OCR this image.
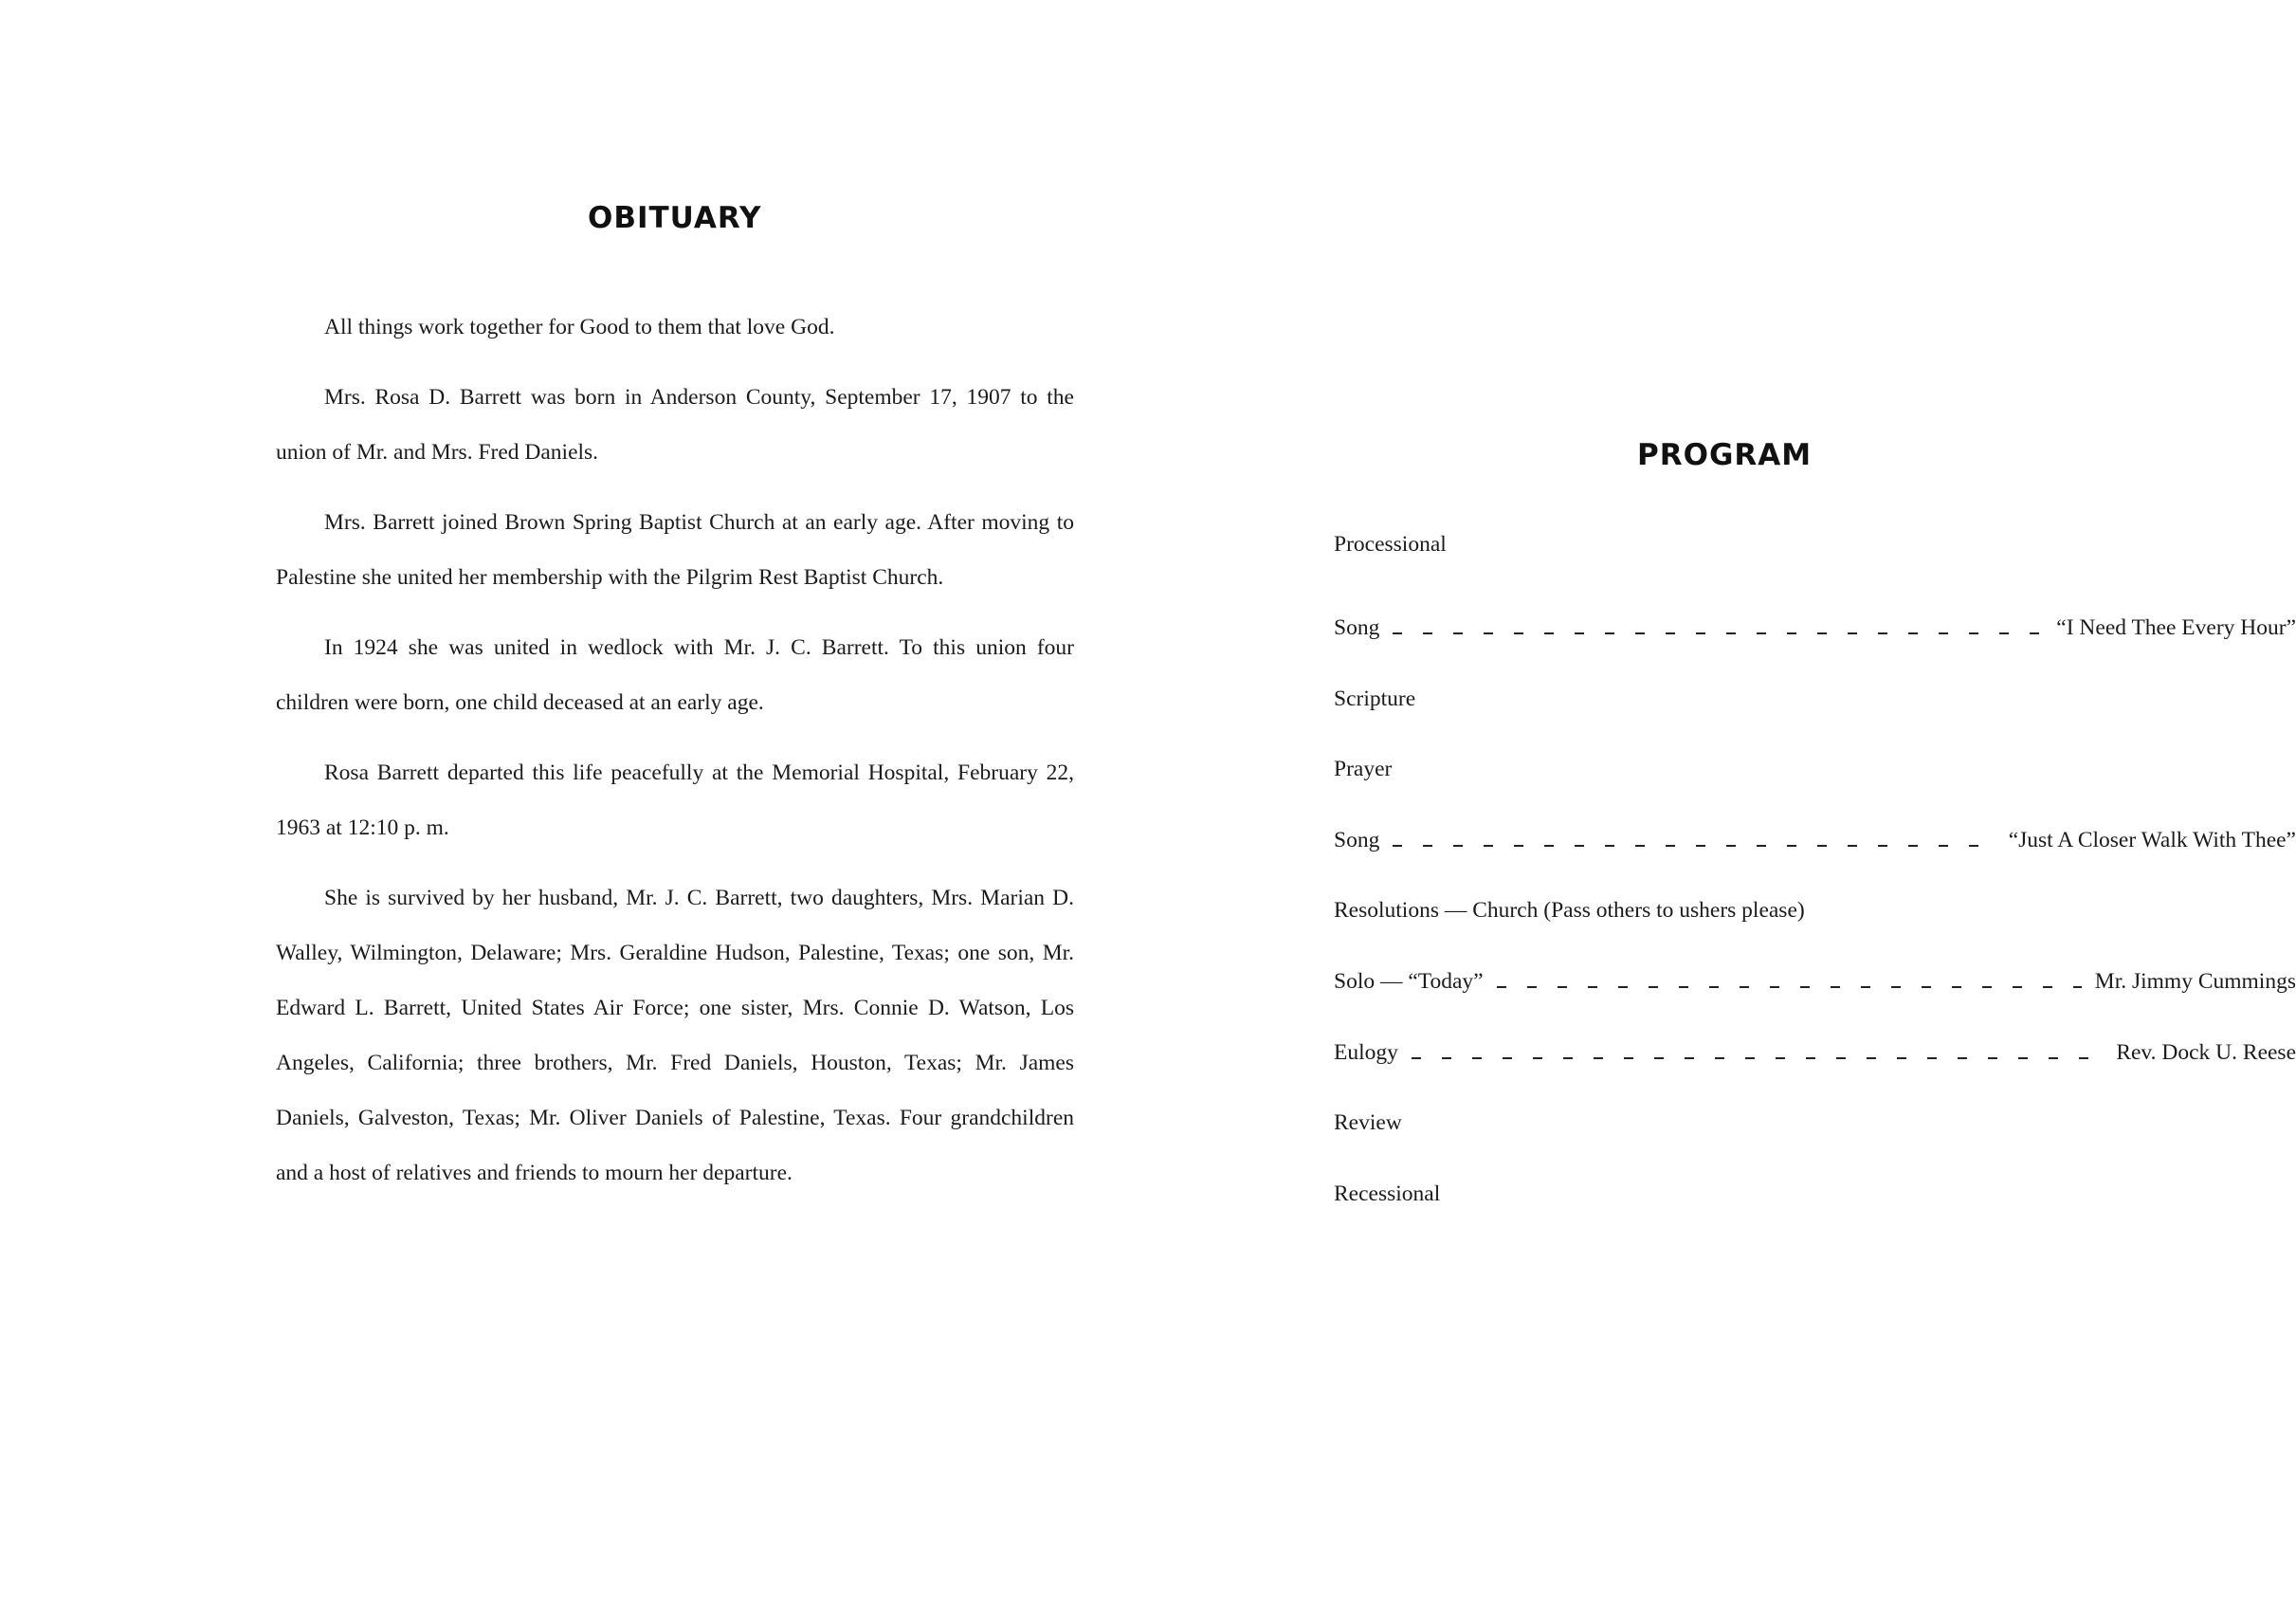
OBITUARY

All things work together for Good to them that love God.

Mrs. Rosa D. Barrett was born in Anderson County, September 17, 1907 to the union of Mr. and Mrs. Fred Daniels.

Mrs. Barrett joined Brown Spring Baptist Church at an early age. After moving to Palestine she united her membership with the Pilgrim Rest Baptist Church.

In 1924 she was united in wedlock with Mr. J. C. Barrett. To this union four children were born, one child deceased at an early age.

Rosa Barrett departed this life peacefully at the Memorial Hospital, February 22, 1963 at 12:10 p. m.

She is survived by her husband, Mr. J. C. Barrett, two daughters, Mrs. Marian D. Walley, Wilmington, Delaware; Mrs. Geraldine Hudson, Palestine, Texas; one son, Mr. Edward L. Barrett, United States Air Force; one sister, Mrs. Connie D. Watson, Los Angeles, California; three brothers, Mr. Fred Daniels, Houston, Texas; Mr. James Daniels, Galveston, Texas; Mr. Oliver Daniels of Palestine, Texas. Four grandchildren and a host of relatives and friends to mourn her departure.

PROGRAM
Processional
Song	“I Need Thee Every Hour”
Scripture
Prayer
Song	“Just A Closer Walk With Thee”
Resolutions — Church (Pass others to ushers please)
Solo — “Today”	Mr. Jimmy Cummings
Eulogy	Rev. Dock U. Reese
Review
Recessional
